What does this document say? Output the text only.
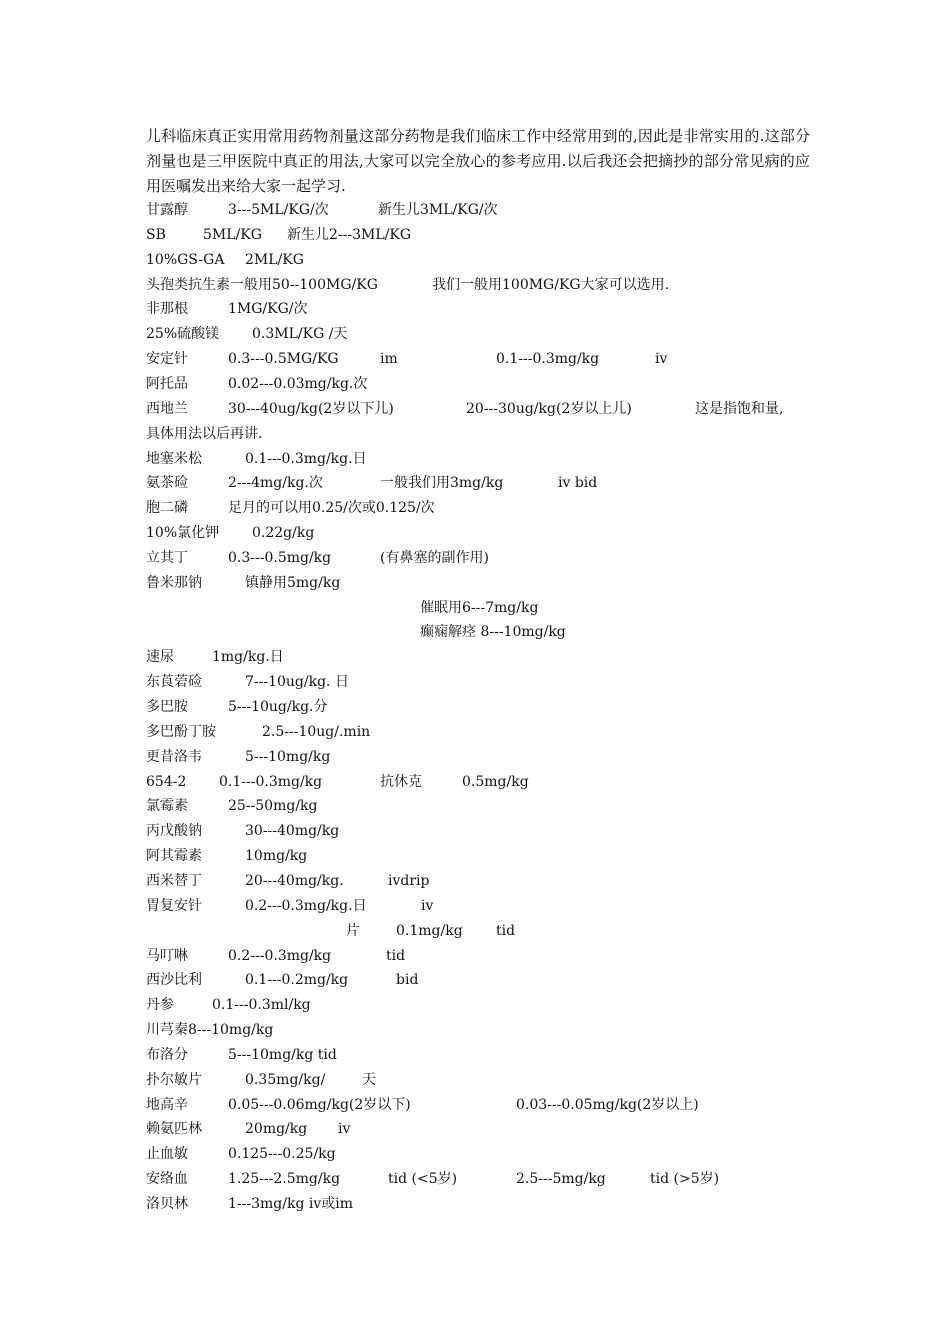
儿科临床真正实用常用药物剂量这部分药物是我们临床工作中经常用到的,因此是非常实用的.这部分剂量也是三甲医院中真正的用法,大家可以完全放心的参考应用.以后我还会把摘抄的部分常见病的应用医嘱发出来给大家一起学习.

甘露醇	3---5ML/KG/次	新生儿3ML/KG/次
SB	5ML/KG 新生儿2---3ML/KG
10%GS-GA 2ML/KG
头孢类抗生素一般用50--100MG/KG	我们一般用100MG/KG大家可以选用.
非那根	1MG/KG/次
25%硫酸镁 0.3ML/KG /天
安定针	0.3---0.5MG/KG	im	0.1---0.3mg/kg	iv
阿托品	0.02---0.03mg/kg.次
西地兰	30---40ug/kg(2岁以下儿)	20---30ug/kg(2岁以上儿)	这是指饱和量,
具体用法以后再讲.
地塞米松	0.1---0.3mg/kg.日
氨茶硷	2---4mg/kg.次	一般我们用3mg/kg	iv bid
胞二磷	足月的可以用0.25/次或0.125/次
10%氯化钾 0.22g/kg
立其丁	0.3---0.5mg/kg	(有鼻塞的副作用)
鲁米那钠	镇静用5mg/kg
催眠用6---7mg/kg
癫痫解痉 8---10mg/kg
速尿	1mg/kg.日
东莨菪硷	7---10ug/kg. 日
多巴胺	5---10ug/kg.分
多巴酚丁胺	2.5---10ug/.min
更昔洛韦	5---10mg/kg
654-2 0.1---0.3mg/kg	抗休克	0.5mg/kg
氯霉素	25--50mg/kg
丙戊酸钠	30---40mg/kg
阿其霉素	10mg/kg
西米替丁	20---40mg/kg.	ivdrip
胃复安针	0.2---0.3mg/kg.日	iv
片	0.1mg/kg tid
马叮啉	0.2---0.3mg/kg	tid
西沙比利	0.1---0.2mg/kg	bid
丹参	0.1---0.3ml/kg
川芎秦8---10mg/kg
布洛分	5---10mg/kg tid
扑尔敏片	0.35mg/kg/	天
地高辛	0.05---0.06mg/kg(2岁以下)	0.03---0.05mg/kg(2岁以上)
赖氨匹林	20mg/kg iv
止血敏	0.125---0.25/kg
安络血	1.25---2.5mg/kg	tid (<5岁)	2.5---5mg/kg	tid (>5岁)
洛贝林	1---3mg/kg iv或im
